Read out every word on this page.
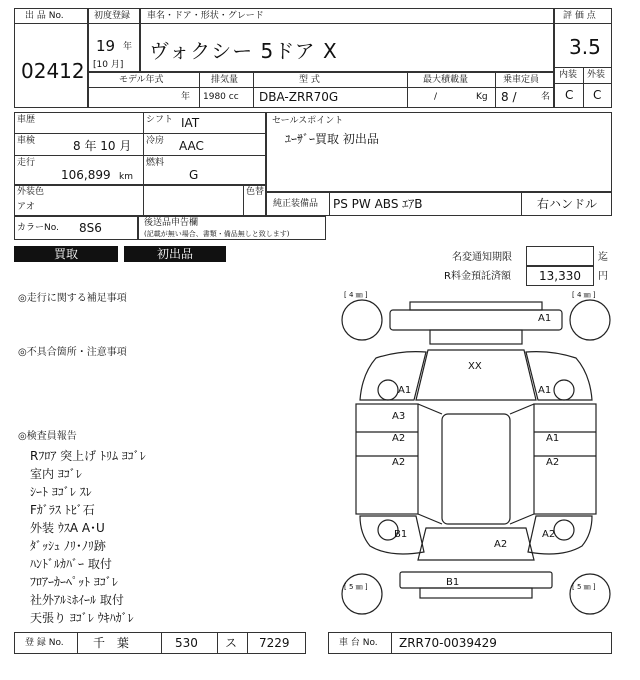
出 品 No.
02412
初度登録
19 年
[10 月]
車名・ドア・形状・グレード
ヴォクシー 5ドア X
評 価 点
3.5
内装 外装
C C
モデル年式
年
排気量
1980 cc
型 式
DBA-ZRR70G
最大積載量
/	Kg
乗車定員
8 /	名
車歴	シフト IAT
車検	8 年 10 月 冷房 AAC
走行
106,899 km
燃料
G
セールスポイント
ﾕｰｻﾞｰ買取 初出品
外装色
アオ
色替
純正装備品 PS PW ABS ｴｱB	右ハンドル
カラーNo. 8S6	後送品申告欄
(記載が無い場合、書類・備品無しと致します)
買取	初出品	名変通知期限	迄
R料金預託済額 13,330 円
◎走行に関する補足事項
◎不具合箇所・注意事項
◎検査員報告
Rﾌﾛｱ 突上げ ﾄﾘﾑ ﾖｺﾞﾚ
室内 ﾖｺﾞﾚ
ｼｰﾄ ﾖｺﾞﾚ ｽﾚ
Fｶﾞﾗｽ ﾄﾋﾞ石
外装 ｳｽA A･U
ﾀﾞｯｼｭ ﾉﾘ･ﾉﾘ跡
ﾊﾝﾄﾞﾙｶﾊﾞｰ 取付
ﾌﾛｱｰｶｰﾍﾟｯﾄ ﾖｺﾞﾚ
社外ｱﾙﾐﾎｲｰﾙ 取付
天張り ﾖｺﾞﾚ ｳｷﾊｶﾞﾚ
[ 4 ㎜ ]	[ 4 ㎜ ]
[ 5 ㎜ ]	[ 5 ㎜ ]
A1
XX
A1	A1
A3
A2
A2
A1
A2
B1
A2
A2
B1
登 録 No. 千 葉	530 ス 7229	車 台 No. ZRR70-0039429
